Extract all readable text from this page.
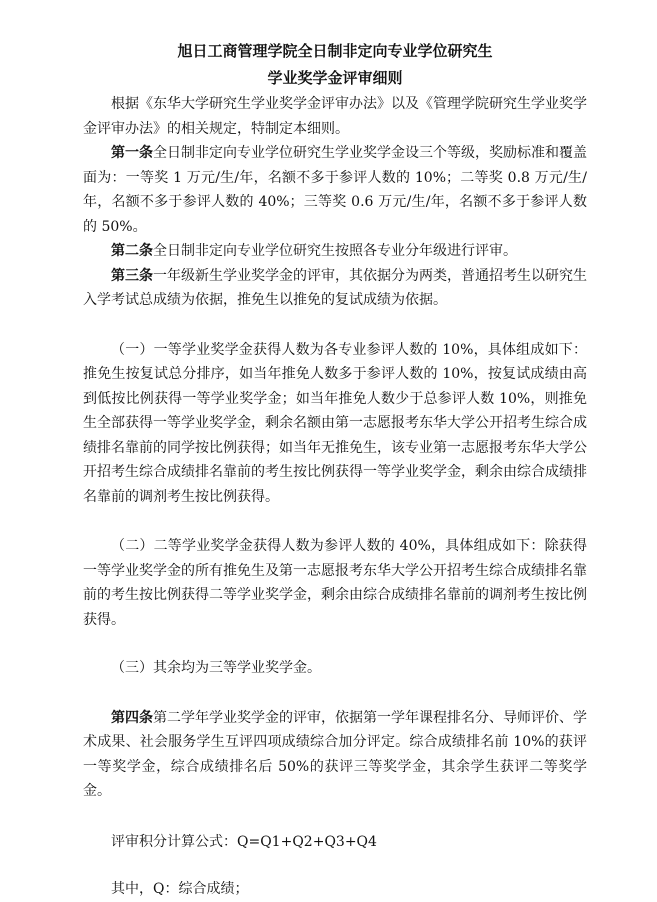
旭日工商管理学院全日制非定向专业学位研究生
学业奖学金评审细则

根据《东华大学研究生学业奖学金评审办法》以及《管理学院研究生学业奖学金评审办法》的相关规定，特制定本细则。

第一条全日制非定向专业学位研究生学业奖学金设三个等级，奖励标准和覆盖面为：一等奖 1 万元/生/年，名额不多于参评人数的 10%；二等奖 0.8 万元/生/年，名额不多于参评人数的 40%；三等奖 0.6 万元/生/年，名额不多于参评人数的 50%。

第二条全日制非定向专业学位研究生按照各专业分年级进行评审。

第三条一年级新生学业奖学金的评审，其依据分为两类，普通招考生以研究生入学考试总成绩为依据，推免生以推免的复试成绩为依据。

（一）一等学业奖学金获得人数为各专业参评人数的 10%，具体组成如下：推免生按复试总分排序，如当年推免人数多于参评人数的 10%，按复试成绩由高到低按比例获得一等学业奖学金；如当年推免人数少于总参评人数 10%，则推免生全部获得一等学业奖学金，剩余名额由第一志愿报考东华大学公开招考生综合成绩排名靠前的同学按比例获得；如当年无推免生，该专业第一志愿报考东华大学公开招考生综合成绩排名靠前的考生按比例获得一等学业奖学金，剩余由综合成绩排名靠前的调剂考生按比例获得。

（二）二等学业奖学金获得人数为参评人数的 40%，具体组成如下：除获得一等学业奖学金的所有推免生及第一志愿报考东华大学公开招考生综合成绩排名靠前的考生按比例获得二等学业奖学金，剩余由综合成绩排名靠前的调剂考生按比例获得。

（三）其余均为三等学业奖学金。

第四条第二学年学业奖学金的评审，依据第一学年课程排名分、导师评价、学术成果、社会服务学生互评四项成绩综合加分评定。综合成绩排名前 10%的获评一等奖学金，综合成绩排名后 50%的获评三等奖学金，其余学生获评二等奖学金。

评审积分计算公式：Q=Q1+Q2+Q3+Q4

其中，Q：综合成绩；
